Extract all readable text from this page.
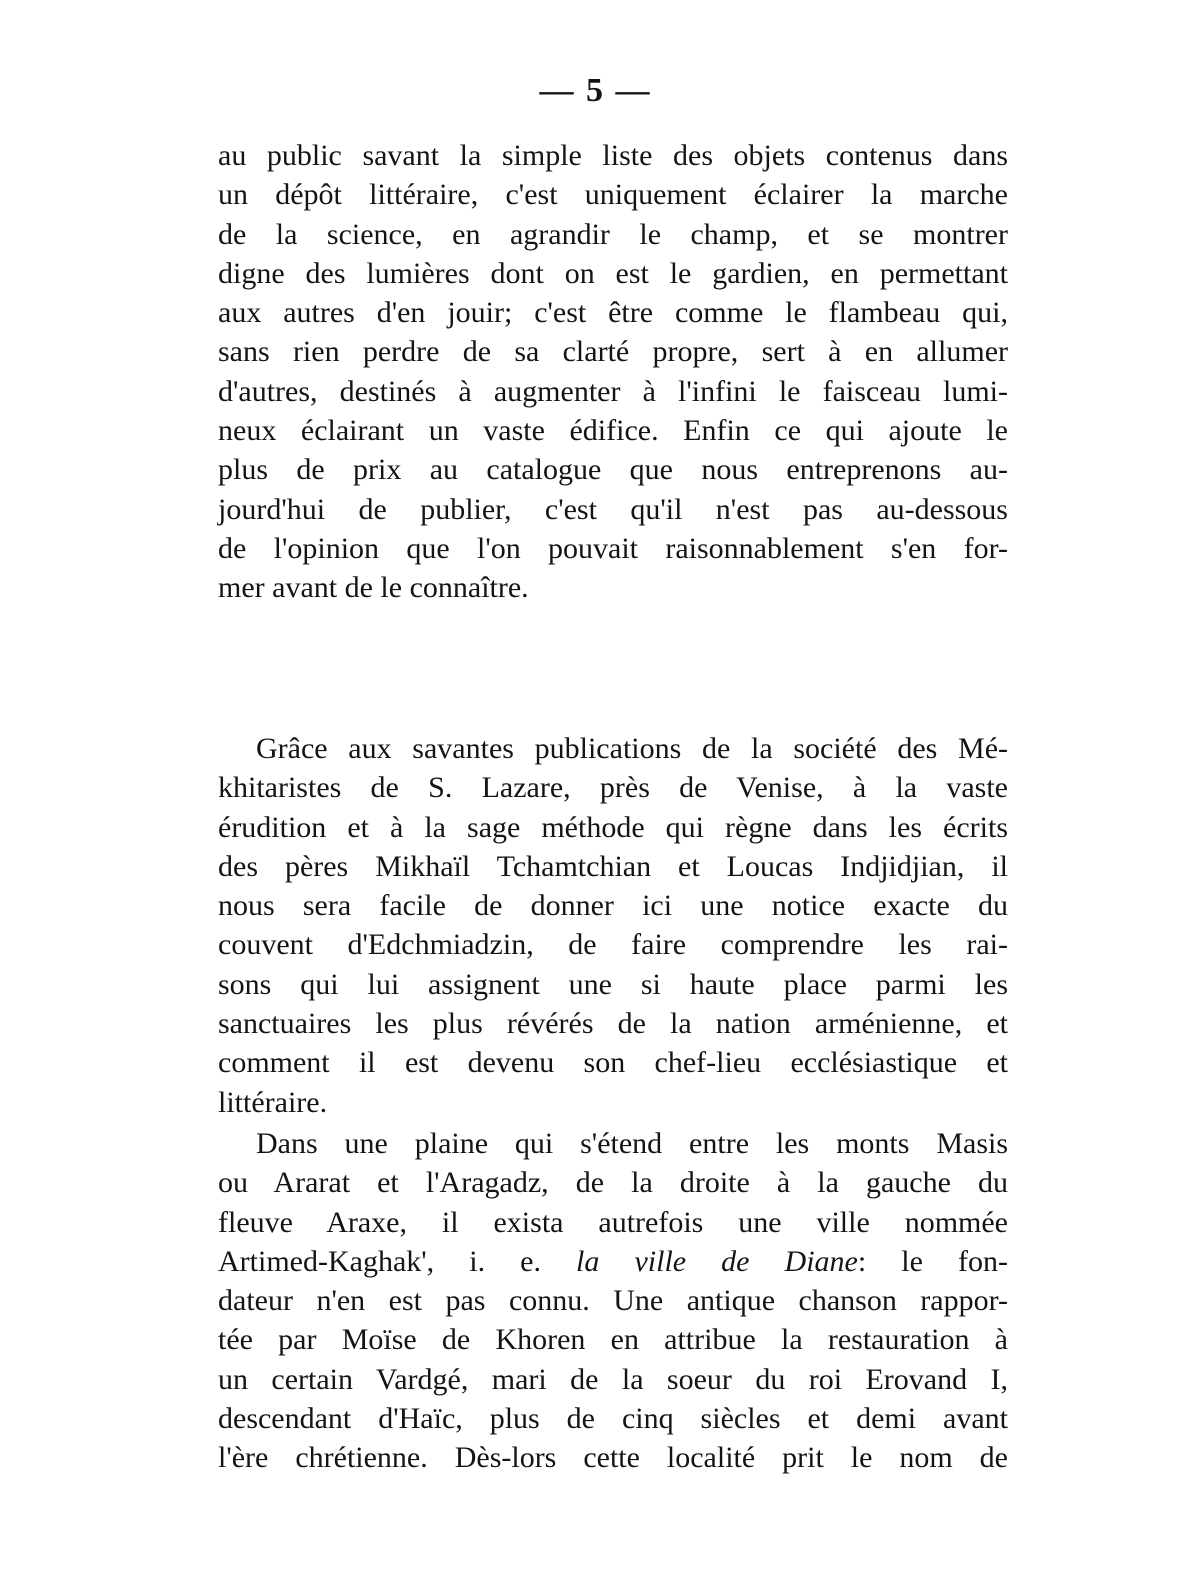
— 5 —
au public savant la simple liste des objets contenus dans
un dépôt littéraire, c'est uniquement éclairer la marche
de la science, en agrandir le champ, et se montrer
digne des lumières dont on est le gardien, en permettant
aux autres d'en jouir; c'est être comme le flambeau qui,
sans rien perdre de sa clarté propre, sert à en allumer
d'autres, destinés à augmenter à l'infini le faisceau lumi-
neux éclairant un vaste édifice. Enfin ce qui ajoute le
plus de prix au catalogue que nous entreprenons au-
jourd'hui de publier, c'est qu'il n'est pas au-dessous
de l'opinion que l'on pouvait raisonnablement s'en for-
mer avant de le connaître.
Grâce aux savantes publications de la société des Mé-
khitaristes de S. Lazare, près de Venise, à la vaste
érudition et à la sage méthode qui règne dans les écrits
des pères Mikhaïl Tchamtchian et Loucas Indjidjian, il
nous sera facile de donner ici une notice exacte du
couvent d'Edchmiadzin, de faire comprendre les rai-
sons qui lui assignent une si haute place parmi les
sanctuaires les plus révérés de la nation arménienne, et
comment il est devenu son chef-lieu ecclésiastique et
littéraire.
Dans une plaine qui s'étend entre les monts Masis
ou Ararat et l'Aragadz, de la droite à la gauche du
fleuve Araxe, il exista autrefois une ville nommée
Artimed-Kaghak', i. e. la ville de Diane: le fon-
dateur n'en est pas connu. Une antique chanson rappor-
tée par Moïse de Khoren en attribue la restauration à
un certain Vardgé, mari de la soeur du roi Erovand I,
descendant d'Haïc, plus de cinq siècles et demi avant
l'ère chrétienne. Dès-lors cette localité prit le nom de
